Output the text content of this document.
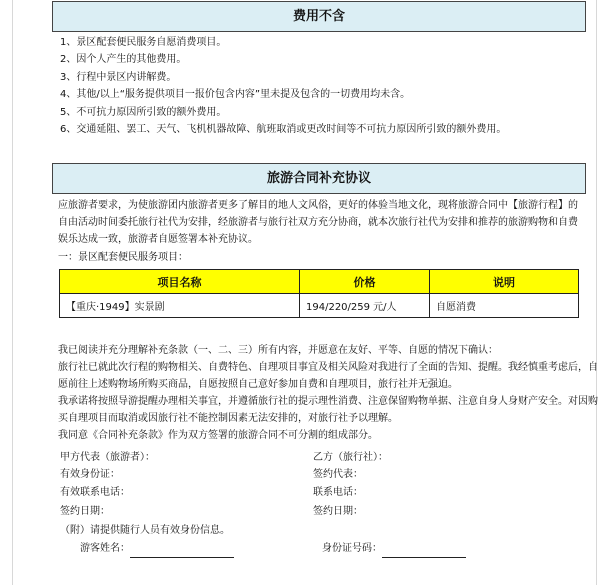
费用不含
1、景区配套便民服务自愿消费项目。
2、因个人产生的其他费用。
3、行程中景区内讲解费。
4、其他/以上“服务提供项目一报价包含内容”里未提及包含的一切费用均未含。
5、不可抗力原因所引致的额外费用。
6、交通延阻、罢工、天气、飞机机器故障、航班取消或更改时间等不可抗力原因所引致的额外费用。
旅游合同补充协议
应旅游者要求，为使旅游团内旅游者更多了解目的地人文风俗，更好的体验当地文化，现将旅游合同中【旅游行程】的自由活动时间委托旅行社代为安排，经旅游者与旅行社双方充分协商，就本次旅行社代为安排和推荐的旅游购物和自费娱乐达成一致，旅游者自愿签署本补充协议。
一：景区配套便民服务项目：
项目名称	价格	说明
【重庆·1949】实景剧	194/220/259 元/人	自愿消费
我已阅读并充分理解补充条款（一、二、三）所有内容，并愿意在友好、平等、自愿的情况下确认：
旅行社已就此次行程的购物相关、自费特色、自理项目事宜及相关风险对我进行了全面的告知、提醒。我经慎重考虑后，自愿前往上述购物场所购买商品，自愿按照自己意好参加自费和自理项目，旅行社并无强迫。
我承诺将按照导游提醒办理相关事宜，并遵循旅行社的提示理性消费、注意保留购物单据、注意自身人身财产安全。对因购买自理项目而取消或因旅行社不能控制因素无法安排的，对旅行社予以理解。
我同意《合同补充条款》作为双方签署的旅游合同不可分割的组成部分。
甲方代表（旅游者）：	乙方（旅行社）：
有效身份证：	签约代表：
有效联系电话：	联系电话：
签约日期：	签约日期：
（附）请提供随行人员有效身份信息。
游客姓名：	身份证号码：
